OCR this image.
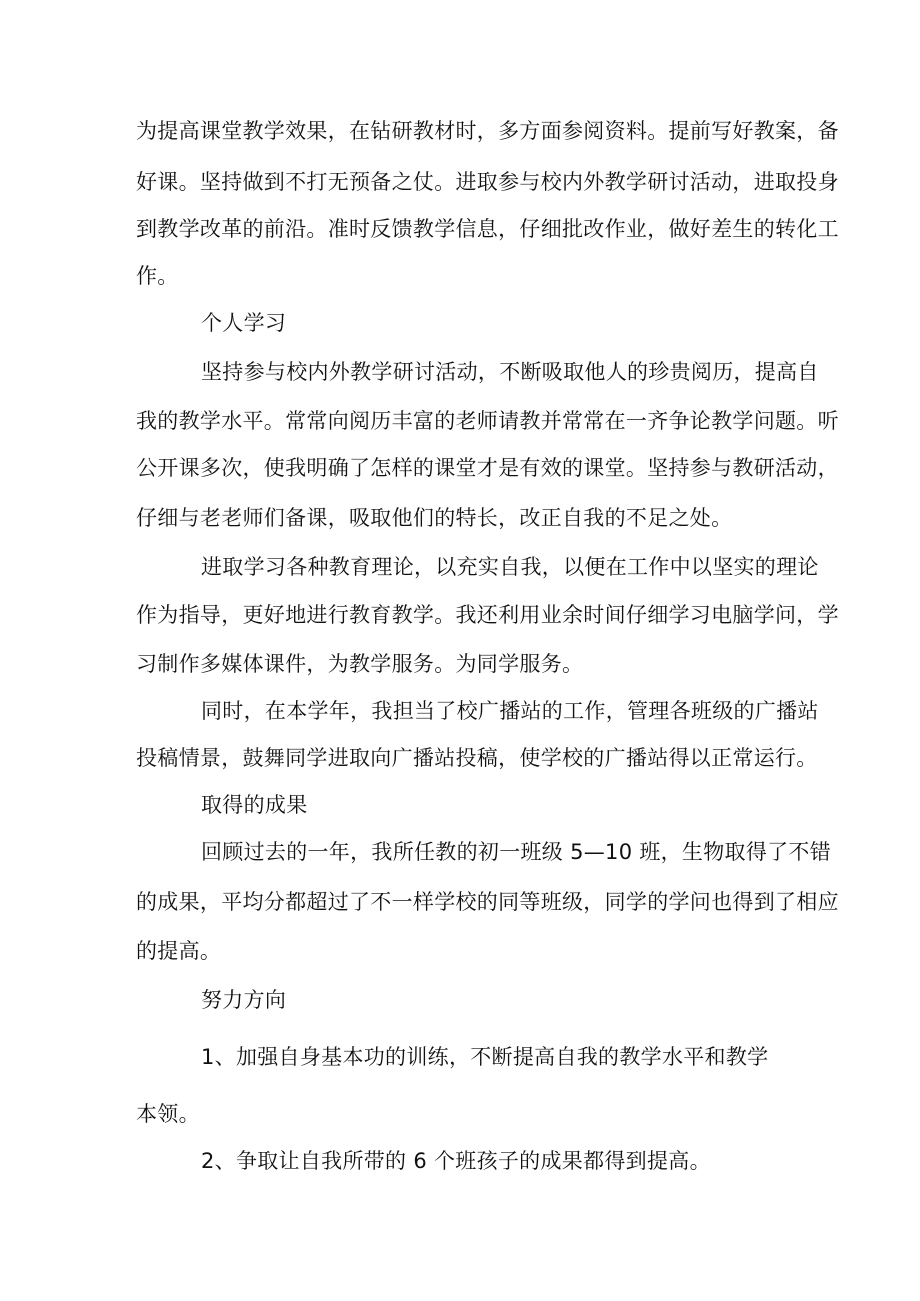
为提高课堂教学效果，在钻研教材时，多方面参阅资料。提前写好教案，备

好课。坚持做到不打无预备之仗。进取参与校内外教学研讨活动，进取投身

到教学改革的前沿。准时反馈教学信息，仔细批改作业，做好差生的转化工

作。

个人学习

坚持参与校内外教学研讨活动，不断吸取他人的珍贵阅历，提高自

我的教学水平。常常向阅历丰富的老师请教并常常在一齐争论教学问题。听

公开课多次，使我明确了怎样的课堂才是有效的课堂。坚持参与教研活动，

仔细与老老师们备课，吸取他们的特长，改正自我的不足之处。

进取学习各种教育理论，以充实自我，以便在工作中以坚实的理论

作为指导，更好地进行教育教学。我还利用业余时间仔细学习电脑学问，学

习制作多媒体课件，为教学服务。为同学服务。

同时，在本学年，我担当了校广播站的工作，管理各班级的广播站

投稿情景，鼓舞同学进取向广播站投稿，使学校的广播站得以正常运行。

取得的成果

回顾过去的一年，我所任教的初一班级 5—10 班，生物取得了不错

的成果，平均分都超过了不一样学校的同等班级，同学的学问也得到了相应

的提高。

努力方向

1、加强自身基本功的训练，不断提高自我的教学水平和教学

本领。

2、争取让自我所带的 6 个班孩子的成果都得到提高。
